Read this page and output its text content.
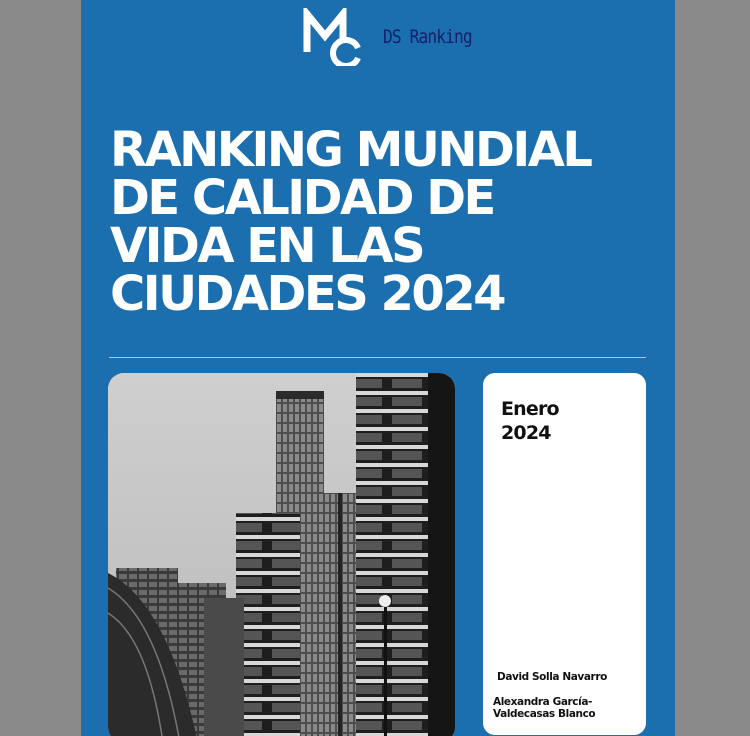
DS Ranking
RANKING MUNDIAL
DE CALIDAD DE
VIDA EN LAS
CIUDADES 2024
Enero
2024
David Solla Navarro
Alexandra García-
Valdecasas Blanco
